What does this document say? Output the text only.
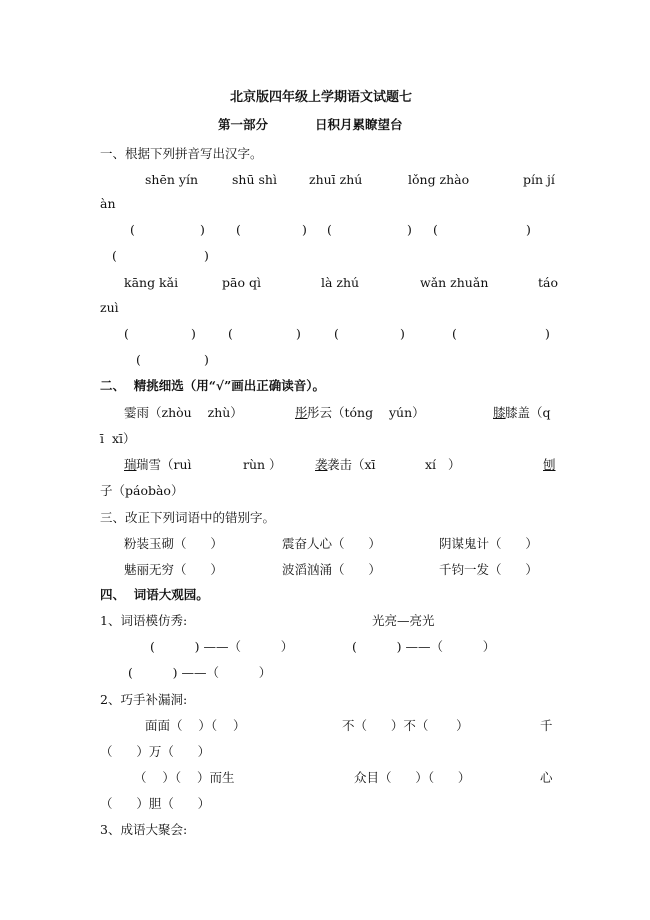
北京版四年级上学期语文试题七
第一部分	日积月累瞭望台
一、根据下列拼音写出汉字。
shēn yín	shū shì	zhuī zhú	lǒng zhào	pín jí
àn
(	) (	) (	) (	)
(	)
kāng kǎi	pāo qì	là zhú	wǎn zhuǎn	táo
zuì
(	)	(	)	(	)	(	)
(	)
二、  精挑细选（用“√”画出正确读音）。
霎雨（zhòu    zhù）	彤 彤云（tóng    yún）	膝 膝盖（q
ī  xī）
瑞 瑞雪（ruì	rùn ）	袭 袭击（xī	xí   ）	刨
子（páobào）
三、改正下列词语中的错别字。
粉装玉砌（      ）	震奋人心（      ）	阴谋鬼计（      ）
魅丽无穷（      ）	波滔汹涌（      ）	千钧一发（      ）
四、  词语大观园。
1、词语模仿秀:	光亮—亮光
(          ) ——（          ）	(          ) ——（          ）
(          ) ——（          ）
2、巧手补漏洞:
面面（    ）（    ）	不（      ）不（       ）	千
（      ）万（      ）
（    ）（    ）而生	众目（      ）（      ）	心
（      ）胆（      ）
3、成语大聚会:
